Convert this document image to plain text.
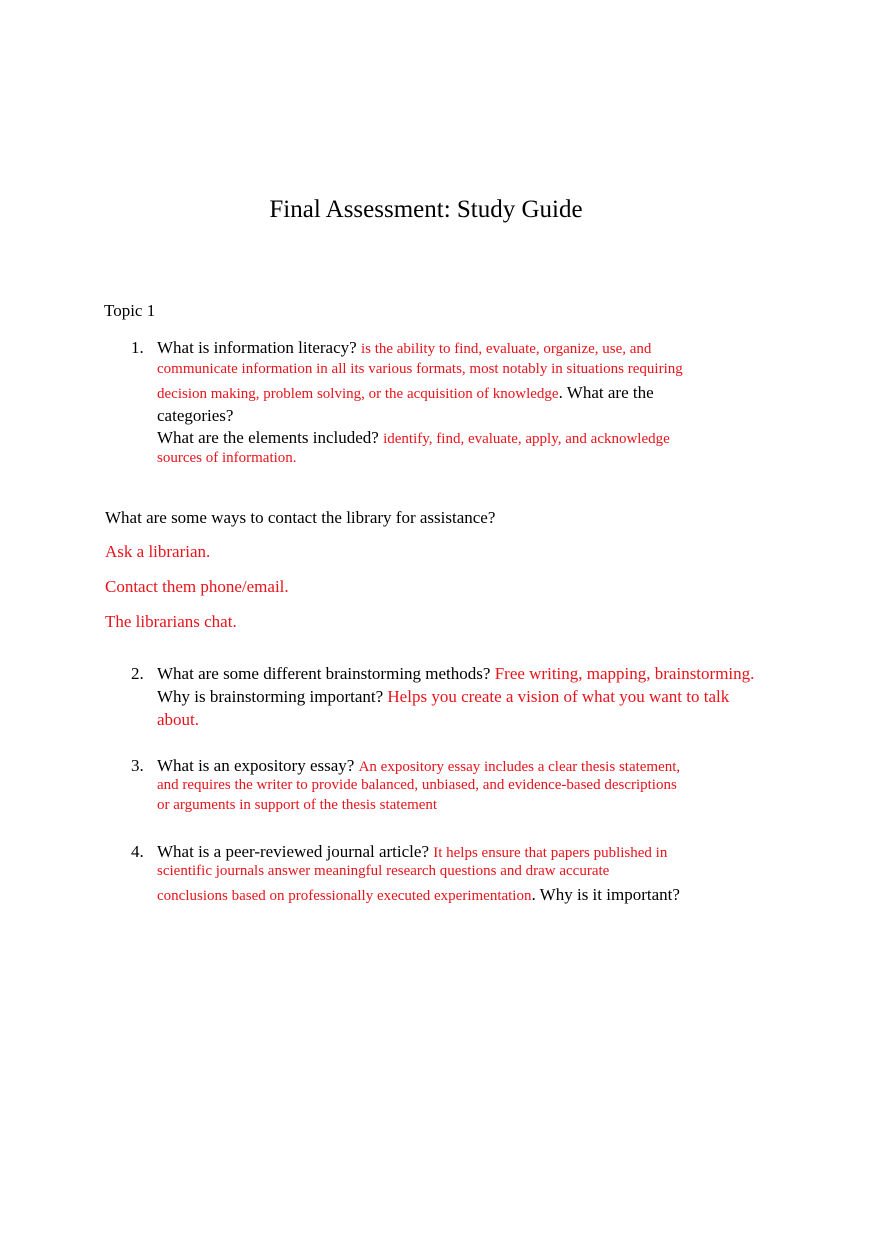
Final Assessment: Study Guide
Topic 1
1. What is information literacy? is the ability to find, evaluate, organize, use, and
communicate information in all its various formats, most notably in situations requiring
decision making, problem solving, or the acquisition of knowledge. What are the
categories?
What are the elements included? identify, find, evaluate, apply, and acknowledge
sources of information.
What are some ways to contact the library for assistance?
Ask a librarian.
Contact them phone/email.
The librarians chat.
2. What are some different brainstorming methods? Free writing, mapping, brainstorming.
Why is brainstorming important? Helps you create a vision of what you want to talk
about.
3. What is an expository essay? An expository essay includes a clear thesis statement,
and requires the writer to provide balanced, unbiased, and evidence-based descriptions
or arguments in support of the thesis statement
4. What is a peer-reviewed journal article? It helps ensure that papers published in
scientific journals answer meaningful research questions and draw accurate
conclusions based on professionally executed experimentation. Why is it important?
